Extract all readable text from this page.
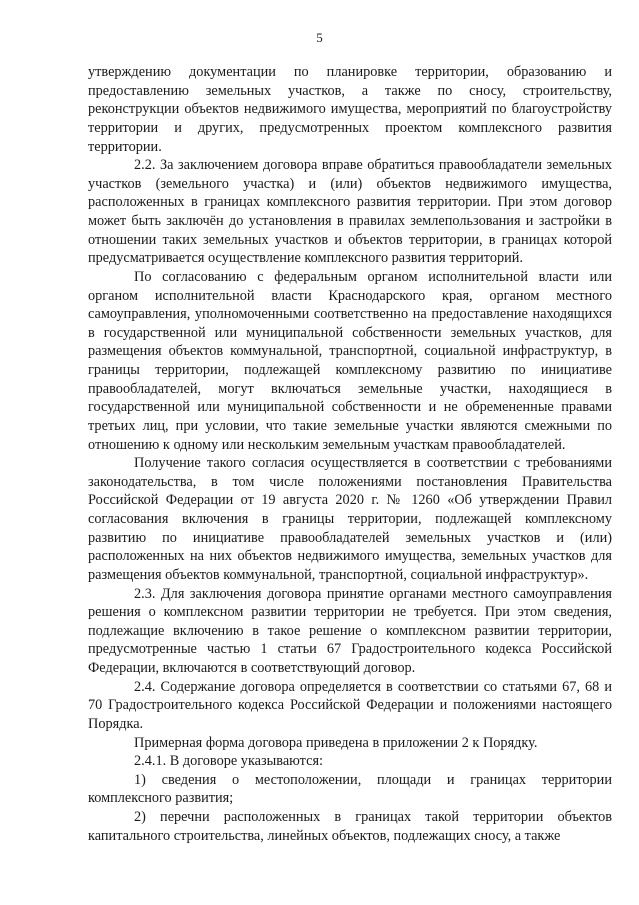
5

утверждению документации по планировке территории, образованию и предоставлению земельных участков, а также по сносу, строительству, реконструкции объектов недвижимого имущества, мероприятий по благоустройству территории и других, предусмотренных проектом комплексного развития территории.

2.2. За заключением договора вправе обратиться правообладатели земельных участков (земельного участка) и (или) объектов недвижимого имущества, расположенных в границах комплексного развития территории. При этом договор может быть заключён до установления в правилах землепользования и застройки в отношении таких земельных участков и объектов территории, в границах которой предусматривается осуществление комплексного развития территорий.

По согласованию с федеральным органом исполнительной власти или органом исполнительной власти Краснодарского края, органом местного самоуправления, уполномоченными соответственно на предоставление находящихся в государственной или муниципальной собственности земельных участков, для размещения объектов коммунальной, транспортной, социальной инфраструктур, в границы территории, подлежащей комплексному развитию по инициативе правообладателей, могут включаться земельные участки, находящиеся в государственной или муниципальной собственности и не обремененные правами третьих лиц, при условии, что такие земельные участки являются смежными по отношению к одному или нескольким земельным участкам правообладателей.

Получение такого согласия осуществляется в соответствии с требованиями законодательства, в том числе положениями постановления Правительства Российской Федерации от 19 августа 2020 г. № 1260 «Об утверждении Правил согласования включения в границы территории, подлежащей комплексному развитию по инициативе правообладателей земельных участков и (или) расположенных на них объектов недвижимого имущества, земельных участков для размещения объектов коммунальной, транспортной, социальной инфраструктур».

2.3. Для заключения договора принятие органами местного самоуправления решения о комплексном развитии территории не требуется. При этом сведения, подлежащие включению в такое решение о комплексном развитии территории, предусмотренные частью 1 статьи 67 Градостроительного кодекса Российской Федерации, включаются в соответствующий договор.

2.4. Содержание договора определяется в соответствии со статьями 67, 68 и 70 Градостроительного кодекса Российской Федерации и положениями настоящего Порядка.

Примерная форма договора приведена в приложении 2 к Порядку.

2.4.1. В договоре указываются:

1) сведения о местоположении, площади и границах территории комплексного развития;

2) перечни расположенных в границах такой территории объектов капитального строительства, линейных объектов, подлежащих сносу, а также
